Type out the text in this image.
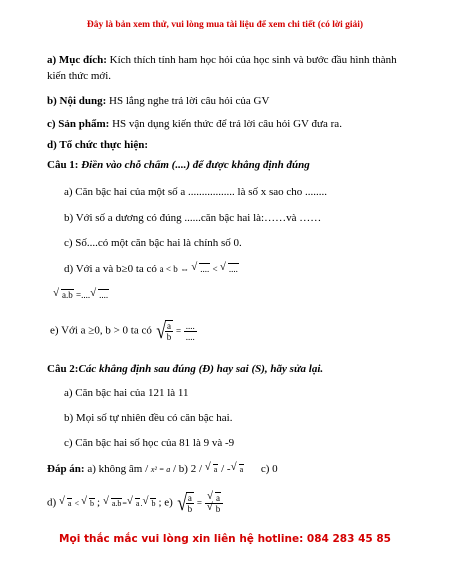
Đây là bản xem thử, vui lòng mua tài liệu để xem chi tiết (có lời giải)
a) Mục đích: Kích thích tính ham học hỏi của học sinh và bước đầu hình thành
kiến thức mới.
b) Nội dung: HS lắng nghe trả lời câu hỏi của GV
c) Sản phẩm: HS vận dụng kiến thức để trả lời câu hỏi GV đưa ra.
d) Tổ chức thực hiện:
Câu 1: Điền vào chỗ chấm (....) để được khẳng định đúng
a) Căn bậc hai của một số a ................. là số x sao cho ........
b) Với số a dương có đúng ......căn bậc hai là:……và ……
c) Số....có một căn bậc hai là chính số 0.
d) Với a và b≥0 ta có a < b ⇔ √ .... < √ ....
√ a.b =.... √ ....
e) Với a ≥0, b > 0 ta có √ $\frac{a}{b} = \frac{....}{....}$
Câu 2:Các khẳng định sau đúng (Đ) hay sai (S), hãy sửa lại.
a) Căn bậc hai của 121 là 11
b) Mọi số tự nhiên đều có căn bậc hai.
c) Căn bậc hai số học của 81 là 9 và -9
Đáp án: a) không âm / x² = a / b) 2 / √ a / - √ a c) 0
d) √ a < √ b ; √ a.b= √ a. √ b ; e) √ $\frac{a}{b}$ = √ a
√ b
Mọi thắc mắc vui lòng xin liên hệ hotline: 084 283 45 85
